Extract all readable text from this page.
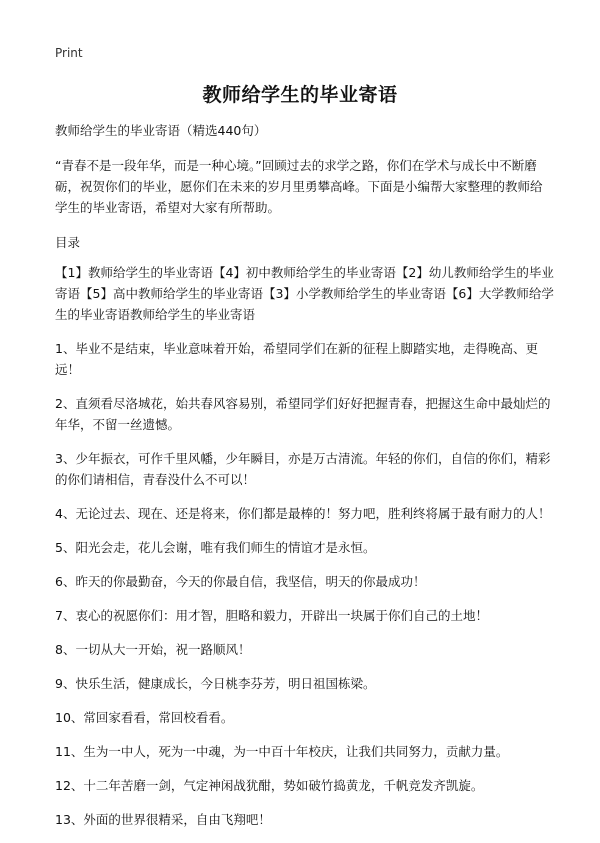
Print
教师给学生的毕业寄语

教师给学生的毕业寄语（精选440句）

“青春不是一段年华，而是一种心境。”回顾过去的求学之路，你们在学术与成长中不断磨砺，祝贺你们的毕业，愿你们在未来的岁月里勇攀高峰。下面是小编帮大家整理的教师给学生的毕业寄语，希望对大家有所帮助。

目录

【1】教师给学生的毕业寄语【4】初中教师给学生的毕业寄语【2】幼儿教师给学生的毕业寄语【5】高中教师给学生的毕业寄语【3】小学教师给学生的毕业寄语【6】大学教师给学生的毕业寄语教师给学生的毕业寄语

1、毕业不是结束，毕业意味着开始，希望同学们在新的征程上脚踏实地，走得晚高、更远！
2、直须看尽洛城花，始共春风容易别，希望同学们好好把握青春，把握这生命中最灿烂的年华，不留一丝遗憾。
3、少年振衣，可作千里风幡，少年瞬目，亦是万古清流。年轻的你们，自信的你们，精彩的你们请相信，青春没什么不可以！
4、无论过去、现在、还是将来，你们都是最棒的！努力吧，胜利终将属于最有耐力的人！
5、阳光会走，花儿会谢，唯有我们师生的情谊才是永恒。
6、昨天的你最勤奋，今天的你最自信，我坚信，明天的你最成功！
7、衷心的祝愿你们：用才智，胆略和毅力，开辟出一块属于你们自己的土地！
8、一切从大一开始，祝一路顺风！
9、快乐生活，健康成长，今日桃李芬芳，明日祖国栋梁。
10、常回家看看，常回校看看。
11、生为一中人，死为一中魂，为一中百十年校庆，让我们共同努力，贡献力量。
12、十二年苦磨一剑，气定神闲战犹酣，势如破竹捣黄龙，千帆竞发齐凯旋。
13、外面的世界很精采，自由飞翔吧！
